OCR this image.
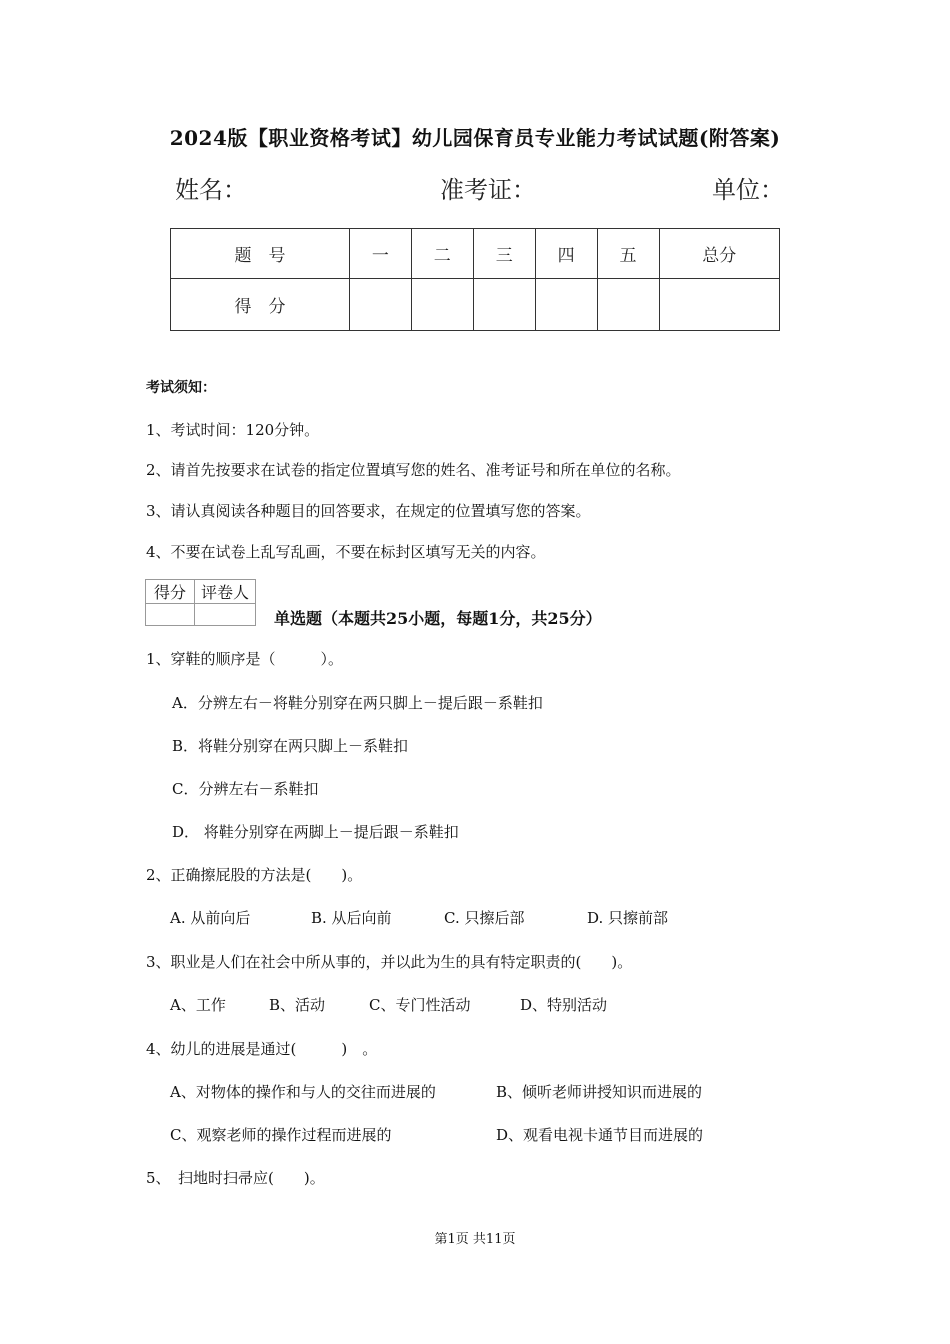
2024版【职业资格考试】幼儿园保育员专业能力考试试题(附答案)
姓名：	准考证：	单位：
题　号	一	二	三	四	五	总分
得　分						
考试须知：
1、考试时间：120分钟。
2、请首先按要求在试卷的指定位置填写您的姓名、准考证号和所在单位的名称。
3、请认真阅读各种题目的回答要求，在规定的位置填写您的答案。
4、不要在试卷上乱写乱画，不要在标封区填写无关的内容。
得分	评卷人

单选题（本题共25小题，每题1分，共25分）
1、穿鞋的顺序是（　　　）。
A．分辨左右－将鞋分别穿在两只脚上－提后跟－系鞋扣
B．将鞋分别穿在两只脚上－系鞋扣
C．分辨左右－系鞋扣
D． 将鞋分别穿在两脚上－提后跟－系鞋扣
2、正确擦屁股的方法是(　　)。
A. 从前向后	B. 从后向前	C. 只擦后部	D. 只擦前部
3、职业是人们在社会中所从事的，并以此为生的具有特定职责的(　　)。
A、工作	B、活动	C、专门性活动	D、特别活动
4、幼儿的进展是通过(　　　)　。
A、对物体的操作和与人的交往而进展的	B、倾听老师讲授知识而进展的
C、观察老师的操作过程而进展的	D、观看电视卡通节目而进展的
5、　扫地时扫帚应(　　)。
第1页 共11页
